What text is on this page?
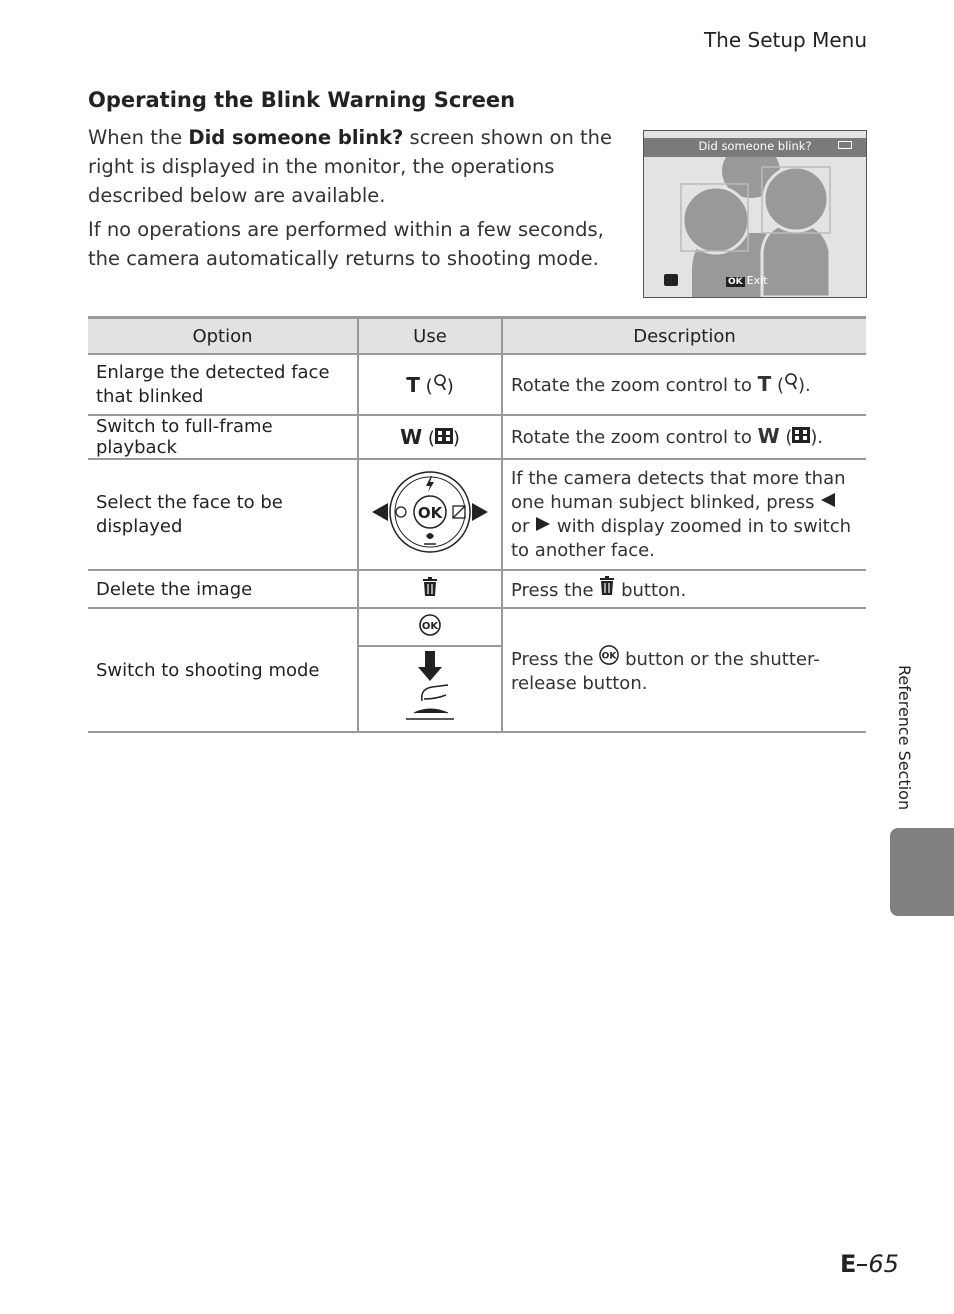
The Setup Menu
Operating the Blink Warning Screen

When the Did someone blink? screen shown on the right is displayed in the monitor, the operations described below are available.

If no operations are performed within a few seconds, the camera automatically returns to shooting mode.

Did someone blink?
OK Exit
Option	Use	Description
Enlarge the detected face that blinked	T ( )	Rotate the zoom control to T ( ).
Switch to full-frame playback	W ( )	Rotate the zoom control to W ( ).
Select the face to be displayed	OK	If the camera detects that more than one human subject blinked, press  or  with display zoomed in to switch to another face.
Delete the image		Press the  button.
Switch to shooting mode	OK	Press the OK button or the shutter-release button.	Reference Section
E 65
